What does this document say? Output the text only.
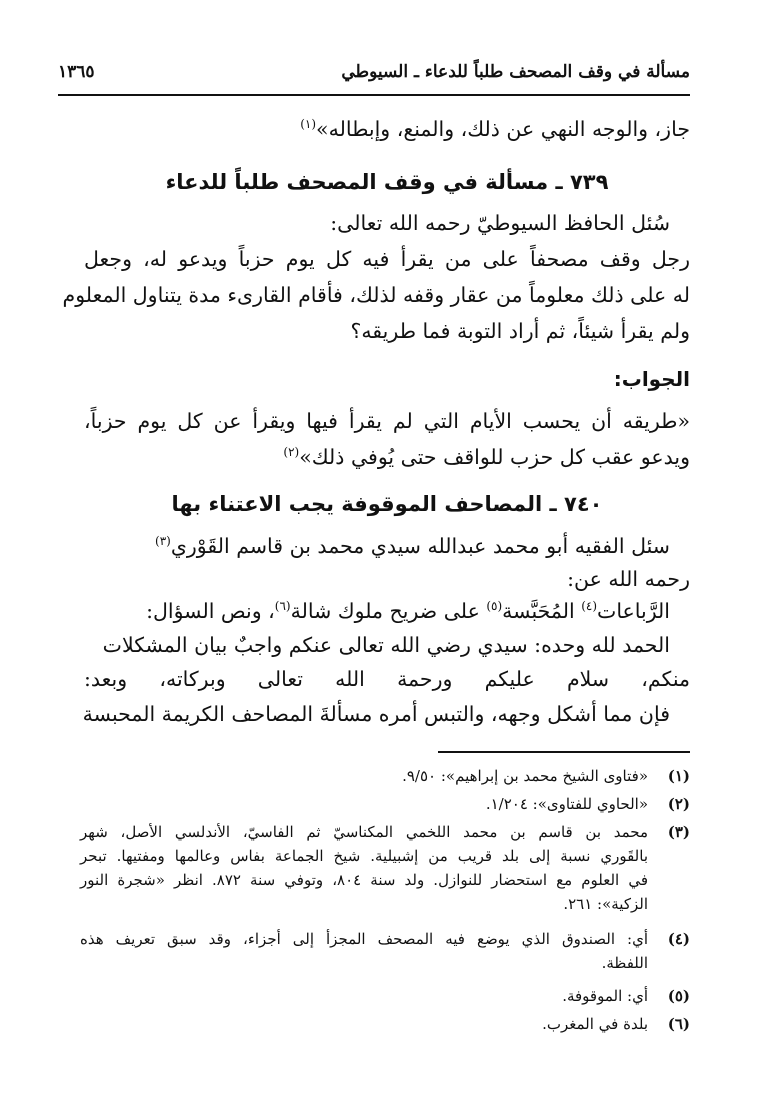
مسألة في وقف المصحف طلباً للدعاء ـ السيوطي
١٣٦٥
جاز، والوجه النهي عن ذلك، والمنع، وإبطاله»$^{(١)}$
٧٣٩ ـ مسألة في وقف المصحف طلباً للدعاء
سُئل الحافظ السيوطيّ رحمه الله تعالى:
رجل وقف مصحفاً على من يقرأ فيه كل يوم حزباً ويدعو له، وجعل
له على ذلك معلوماً من عقار وقفه لذلك، فأقام القارىء مدة يتناول المعلوم
ولم يقرأ شيئاً، ثم أراد التوبة فما طريقه؟
الجواب:
«طريقه أن يحسب الأيام التي لم يقرأ فيها ويقرأ عن كل يوم حزباً،
ويدعو عقب كل حزب للواقف حتى يُوفي ذلك»$^{(٢)}$
٧٤٠ ـ المصاحف الموقوفة يجب الاعتناء بها
سئل الفقيه أبو محمد عبدالله سيدي محمد بن قاسم القَوْري$^{(٣)}$
رحمه الله عن:
الرَّباعات$^{(٤)}$ المُحَبَّسة$^{(٥)}$ على ضريح ملوك شالة$^{(٦)}$، ونص السؤال:
الحمد لله وحده: سيدي رضي الله تعالى عنكم واجبٌ بيان المشكلات
منكم، سلام عليكم ورحمة الله تعالى وبركاته، وبعد:
فإن مما أشكل وجهه، والتبس أمره مسألةَ المصاحف الكريمة المحبسة
(١)
«فتاوى الشيخ محمد بن إبراهيم»: ٩/٥٠.
(٢)
«الحاوي للفتاوى»: ١/٢٠٤.
(٣)
محمد بن قاسم بن محمد اللخمي المكناسيّ ثم الفاسيّ، الأندلسي الأصل، شهر
بالقَوري نسبة إلى بلد قريب من إشبيلية. شيخ الجماعة بفاس وعالمها ومفتيها. تبحر
في العلوم مع استحضار للنوازل. ولد سنة ٨٠٤، وتوفي سنة ٨٧٢. انظر «شجرة النور
الزكية»: ٢٦١.
(٤)
أي: الصندوق الذي يوضع فيه المصحف المجزأ إلى أجزاء، وقد سبق تعريف هذه
اللفظة.
(٥)
أي: الموقوفة.
(٦)
بلدة في المغرب.
